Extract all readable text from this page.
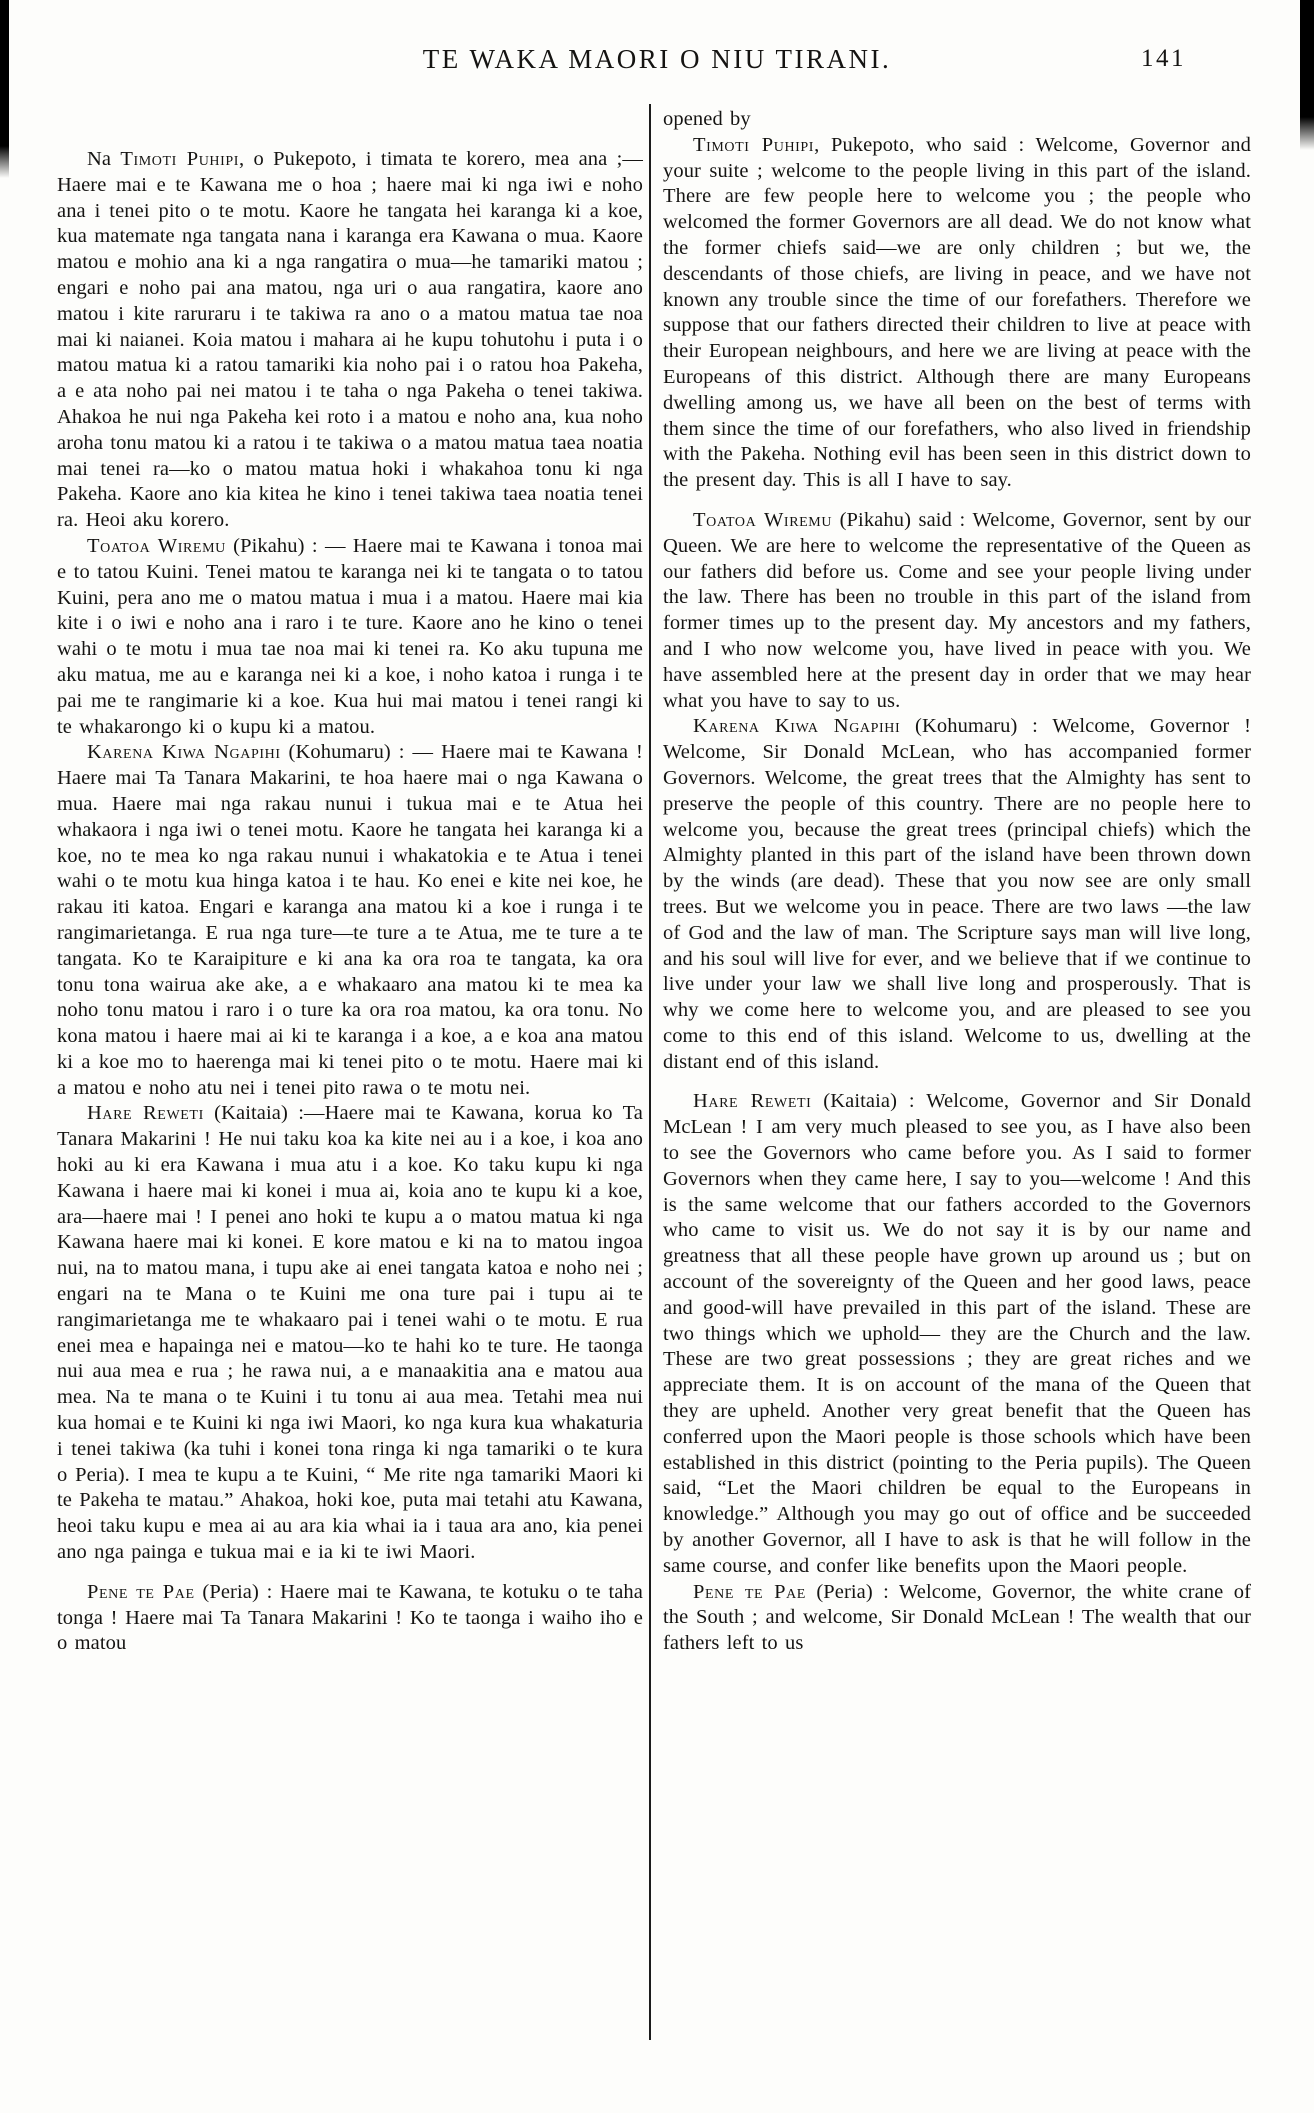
TE WAKA MAORI O NIU TIRANI.	141

Na Timoti Puhipi, o Pukepoto, i timata te korero, mea ana ;—Haere mai e te Kawana me o hoa ; haere mai ki nga iwi e noho ana i tenei pito o te motu. Kaore he tangata hei karanga ki a koe, kua matemate nga tangata nana i karanga era Kawana o mua. Kaore matou e mohio ana ki a nga rangatira o mua—he tamariki matou ; engari e noho pai ana matou, nga uri o aua rangatira, kaore ano matou i kite raruraru i te takiwa ra ano o a matou matua tae noa mai ki naianei. Koia matou i mahara ai he kupu tohutohu i puta i o matou matua ki a ratou tamariki kia noho pai i o ratou hoa Pakeha, a e ata noho pai nei matou i te taha o nga Pakeha o tenei takiwa. Ahakoa he nui nga Pakeha kei roto i a matou e noho ana, kua noho aroha tonu matou ki a ratou i te takiwa o a matou matua taea noatia mai tenei ra—ko o matou matua hoki i whakahoa tonu ki nga Pakeha. Kaore ano kia kitea he kino i tenei takiwa taea noatia tenei ra. Heoi aku korero.

Toatoa Wiremu (Pikahu) : — Haere mai te Kawana i tonoa mai e to tatou Kuini. Tenei matou te karanga nei ki te tangata o to tatou Kuini, pera ano me o matou matua i mua i a matou. Haere mai kia kite i o iwi e noho ana i raro i te ture. Kaore ano he kino o tenei wahi o te motu i mua tae noa mai ki tenei ra. Ko aku tupuna me aku matua, me au e karanga nei ki a koe, i noho katoa i runga i te pai me te rangimarie ki a koe. Kua hui mai matou i tenei rangi ki te whakarongo ki o kupu ki a matou.

Karena Kiwa Ngapihi (Kohumaru) : — Haere mai te Kawana ! Haere mai Ta Tanara Makarini, te hoa haere mai o nga Kawana o mua. Haere mai nga rakau nunui i tukua mai e te Atua hei whakaora i nga iwi o tenei motu. Kaore he tangata hei karanga ki a koe, no te mea ko nga rakau nunui i whakatokia e te Atua i tenei wahi o te motu kua hinga katoa i te hau. Ko enei e kite nei koe, he rakau iti katoa. Engari e karanga ana matou ki a koe i runga i te rangimarietanga. E rua nga ture—te ture a te Atua, me te ture a te tangata. Ko te Karaipiture e ki ana ka ora roa te tangata, ka ora tonu tona wairua ake ake, a e whakaaro ana matou ki te mea ka noho tonu matou i raro i o ture ka ora roa matou, ka ora tonu. No kona matou i haere mai ai ki te karanga i a koe, a e koa ana matou ki a koe mo to haerenga mai ki tenei pito o te motu. Haere mai ki a matou e noho atu nei i tenei pito rawa o te motu nei.

Hare Reweti (Kaitaia) :—Haere mai te Kawana, korua ko Ta Tanara Makarini ! He nui taku koa ka kite nei au i a koe, i koa ano hoki au ki era Kawana i mua atu i a koe. Ko taku kupu ki nga Kawana i haere mai ki konei i mua ai, koia ano te kupu ki a koe, ara—haere mai ! I penei ano hoki te kupu a o matou matua ki nga Kawana haere mai ki konei. E kore matou e ki na to matou ingoa nui, na to matou mana, i tupu ake ai enei tangata katoa e noho nei ; engari na te Mana o te Kuini me ona ture pai i tupu ai te rangimarietanga me te whakaaro pai i tenei wahi o te motu. E rua enei mea e hapainga nei e matou—ko te hahi ko te ture. He taonga nui aua mea e rua ; he rawa nui, a e manaakitia ana e matou aua mea. Na te mana o te Kuini i tu tonu ai aua mea. Tetahi mea nui kua homai e te Kuini ki nga iwi Maori, ko nga kura kua whakaturia i tenei takiwa (ka tuhi i konei tona ringa ki nga tamariki o te kura o Peria). I mea te kupu a te Kuini, “ Me rite nga tamariki Maori ki te Pakeha te matau.” Ahakoa, hoki koe, puta mai tetahi atu Kawana, heoi taku kupu e mea ai au ara kia whai ia i taua ara ano, kia penei ano nga painga e tukua mai e ia ki te iwi Maori.

Pene te Pae (Peria) : Haere mai te Kawana, te kotuku o te taha tonga ! Haere mai Ta Tanara Makarini ! Ko te taonga i waiho iho e o matou

opened by

Timoti Puhipi, Pukepoto, who said : Welcome, Governor and your suite ; welcome to the people living in this part of the island. There are few people here to welcome you ; the people who welcomed the former Governors are all dead. We do not know what the former chiefs said—we are only children ; but we, the descendants of those chiefs, are living in peace, and we have not known any trouble since the time of our forefathers. Therefore we suppose that our fathers directed their children to live at peace with their European neighbours, and here we are living at peace with the Europeans of this district. Although there are many Europeans dwelling among us, we have all been on the best of terms with them since the time of our forefathers, who also lived in friendship with the Pakeha. Nothing evil has been seen in this district down to the present day. This is all I have to say.

Toatoa Wiremu (Pikahu) said : Welcome, Governor, sent by our Queen. We are here to welcome the representative of the Queen as our fathers did before us. Come and see your people living under the law. There has been no trouble in this part of the island from former times up to the present day. My ancestors and my fathers, and I who now welcome you, have lived in peace with you. We have assembled here at the present day in order that we may hear what you have to say to us.

Karena Kiwa Ngapihi (Kohumaru) : Welcome, Governor ! Welcome, Sir Donald McLean, who has accompanied former Governors. Welcome, the great trees that the Almighty has sent to preserve the people of this country. There are no people here to welcome you, because the great trees (principal chiefs) which the Almighty planted in this part of the island have been thrown down by the winds (are dead). These that you now see are only small trees. But we welcome you in peace. There are two laws —the law of God and the law of man. The Scripture says man will live long, and his soul will live for ever, and we believe that if we continue to live under your law we shall live long and prosperously. That is why we come here to welcome you, and are pleased to see you come to this end of this island. Welcome to us, dwelling at the distant end of this island.

Hare Reweti (Kaitaia) : Welcome, Governor and Sir Donald McLean ! I am very much pleased to see you, as I have also been to see the Governors who came before you. As I said to former Governors when they came here, I say to you—welcome ! And this is the same welcome that our fathers accorded to the Governors who came to visit us. We do not say it is by our name and greatness that all these people have grown up around us ; but on account of the sovereignty of the Queen and her good laws, peace and good-will have prevailed in this part of the island. These are two things which we uphold— they are the Church and the law. These are two great possessions ; they are great riches and we appreciate them. It is on account of the mana of the Queen that they are upheld. Another very great benefit that the Queen has conferred upon the Maori people is those schools which have been established in this district (pointing to the Peria pupils). The Queen said, “Let the Maori children be equal to the Europeans in knowledge.” Although you may go out of office and be succeeded by another Governor, all I have to ask is that he will follow in the same course, and confer like benefits upon the Maori people.

Pene te Pae (Peria) : Welcome, Governor, the white crane of the South ; and welcome, Sir Donald McLean ! The wealth that our fathers left to us
